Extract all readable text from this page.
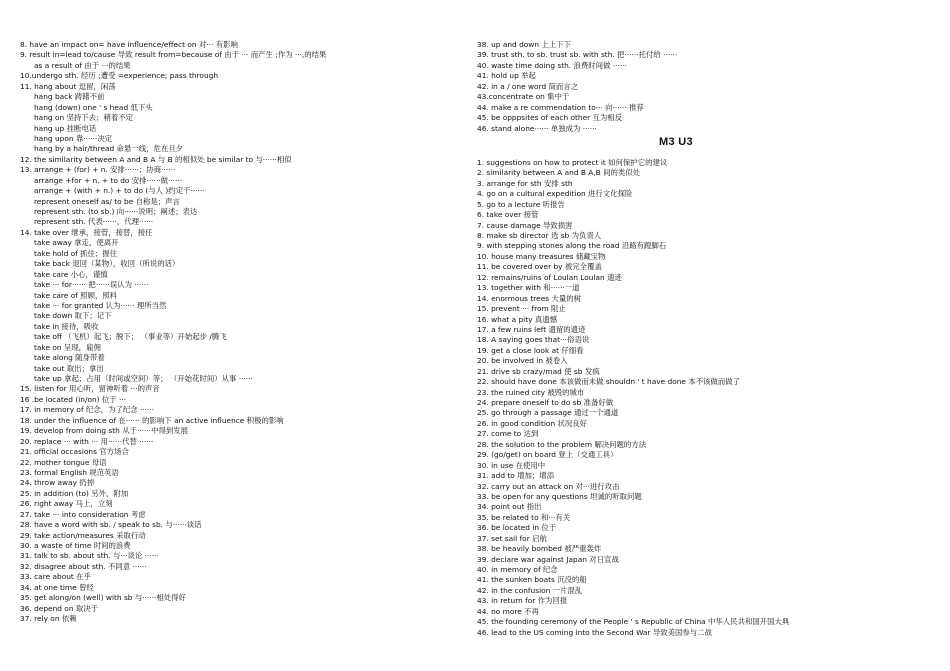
8. have an impact on= have influence/effect on 对··· 有影响
9. result in=lead to/cause 导致 result from=because of 由于 ··· 而产生 ;作为 ···,的结果
as a result of 由于 ···的结果
10.undergo sth. 经历 ;遭受 =experience; pass through
11. hang about 逗留，闲荡
hang back 踌躇不前
hang (down) one ' s head 低下头
hang on 坚持下去；稍着不定
hang up 挂断电话
hang upon 靠······决定
hang by a hair/thread 命悬一线，危在旦夕
12. the similarity between A and B A 与 B 的相似处 be similar to 与······相似
13. arrange + (for) + n. 安排······；协商······
arrange +for + n. + to do 安排······做······
arrange + (with + n.) + to do (与人 )约定干······
represent oneself as/ to be 自称是；声言
represent sth. (to sb.) 向······说明；阐述；表达
represent sth. 代表······，代理······
14. take over 继承，接管，接替，接任
take away 拿走，使离开
take hold of 抓住；握住
take back 退回（某物），收回（所说的话）
take care 小心，谨慎
take ··· for······ 把······误认为 ······
take care of 照顾，照料
take ··· for granted 认为······ 理所当然
take down 取下；记下
take in 接待，吸收
take off （飞机）起飞；脱下； （事业等）开始起步 /腾飞
take on 呈现，雇佣
take along 随身带着
take out 取出；拿出
take up 拿起；占用（时间或空间）等； （开始花时间）从事 ······
15. listen for 用心听，留神听着 ···的声音
16 .be located (in/on) 位于 ···
17. in memory of 纪念，为了纪念 ······
18. under the influence of 在······ 的影响下 an active influence 积极的影响
19. develop from doing sth 从于······中得到发展
20. replace ··· with ··· 用······代替 ······
21. official occasions 官方场合
22. mother tongue 母语
23. formal English 规范英语
24. throw away 扔掉
25. in addition (to) 另外，附加
26. right away 马上，立刻
27. take ··· into consideration 考虑
28. have a word with sb. / speak to sb. 与······谈话
29. take action/measures 采取行动
30. a waste of time 时间的浪费
31. talk to sb. about sth. 与···谈论 ······
32. disagree about sth. 不同意 ······
33. care about 在乎
34. at one time 曾经
35. get along/on (well) with sb 与······相处得好
36. depend on 取决于
37. rely on 依赖
38. up and down 上上下下
39. trust sth. to sb. trust sb. with sth. 把······托付给 ······
40. waste time doing sth. 浪费时间做 ······
41. hold up 举起
42. in a / one word 简而言之
43.concentrate on 集中于
44. make a re commendation to··· 向······ 推荐
45. be opppsites of each other 互为相反
46. stand alone······ 单独成为 ······
1. suggestions on how to protect it 如何保护它的建议
2. similarity between A and B A,B 间的类似处
3. arrange for sth 安排 sth
4. go on a cultural expedition 进行文化探险
5. go to a lecture 听报告
6. take over 接管
7. cause damage 导致损害
8. make sb director 选 sb 为负责人
9. with stepping stones along the road 沿路有蹬脚石
10. house many treasures 储藏宝物
11. be covered over by 被完全覆盖
12. remains/ruins of Loulan Loulan 遗迹
13. together with 和······一道
14. enormous trees 大量的树
15. prevent ··· from 阻止
16. what a pity 真遗憾
17. a few ruins left 遗留的遗迹
18. A saying goes that···俗语说
19. get a close look at 仔细看
20. be involved in 被卷入
21. drive sb crazy/mad 使 sb 发疯
22. should have done 本该做而未做 shouldn ' t have done 本不该做而做了
23. the ruined city 被毁的城市
24. prepare oneself to do sb 准备好做
25. go through a passage 通过一个通道
26. in good condition 状况良好
27. come to 达到
28. the solution to the problem 解决问题的方法
29. (go/get) on board 登上（交通工具）
30. in use 在使用中
31. add to 增加；增添
32. carry out an attack on 对···进行攻击
33. be open for any questions 坦诚的听取问题
34. point out 指出
35. be related to 和···有关
36. be located in 位于
37. set sail for 启航
38. be heavily bombed 被严重轰炸
39. declare war against Japan 对日宣战
40. in memory of 纪念
41. the sunken boats 沉没的船
42. in the confusion 一片混乱
43. in return for 作为回报
44. no more 不再
45. the founding ceremony of the People ' s Republic of China 中华人民共和国开国大典
46. lead to the US coming into the Second War 导致美国参与二战
M3 U3
